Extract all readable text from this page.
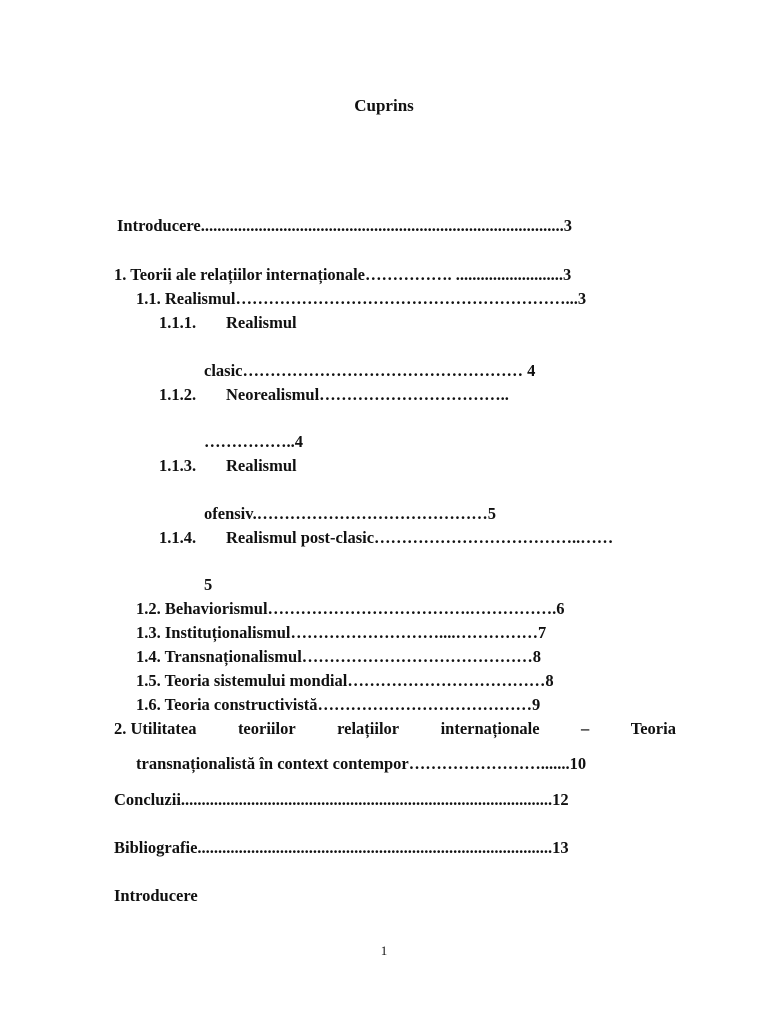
Cuprins
Introducere........................................................................................3
1. Teorii ale relațiilor internaționale……………. ..........................3
1.1. Realismul……………………………………………………...3
1.1.1. Realismul
clasic…………………………………………… 4
1.1.2. Neorealismul……………………………..
……………..4
1.1.3. Realismul
ofensiv.……………………………………5
1.1.4. Realismul post-clasic………………………………..……
5
1.2. Behaviorismul……………………………….…………….6
1.3. Instituționalismul………………………....……………7
1.4. Transnaționalismul……………………………………8
1.5. Teoria sistemului mondial………………………………8
1.6. Teoria constructivistă…………………………………9
2. Utilitatea	teoriilor	relațiilor	internaționale	–	Teoria
transnaționalistă în context contempor…………………….......10
Concluzii..........................................................................................12
Bibliografie......................................................................................13
Introducere
1
